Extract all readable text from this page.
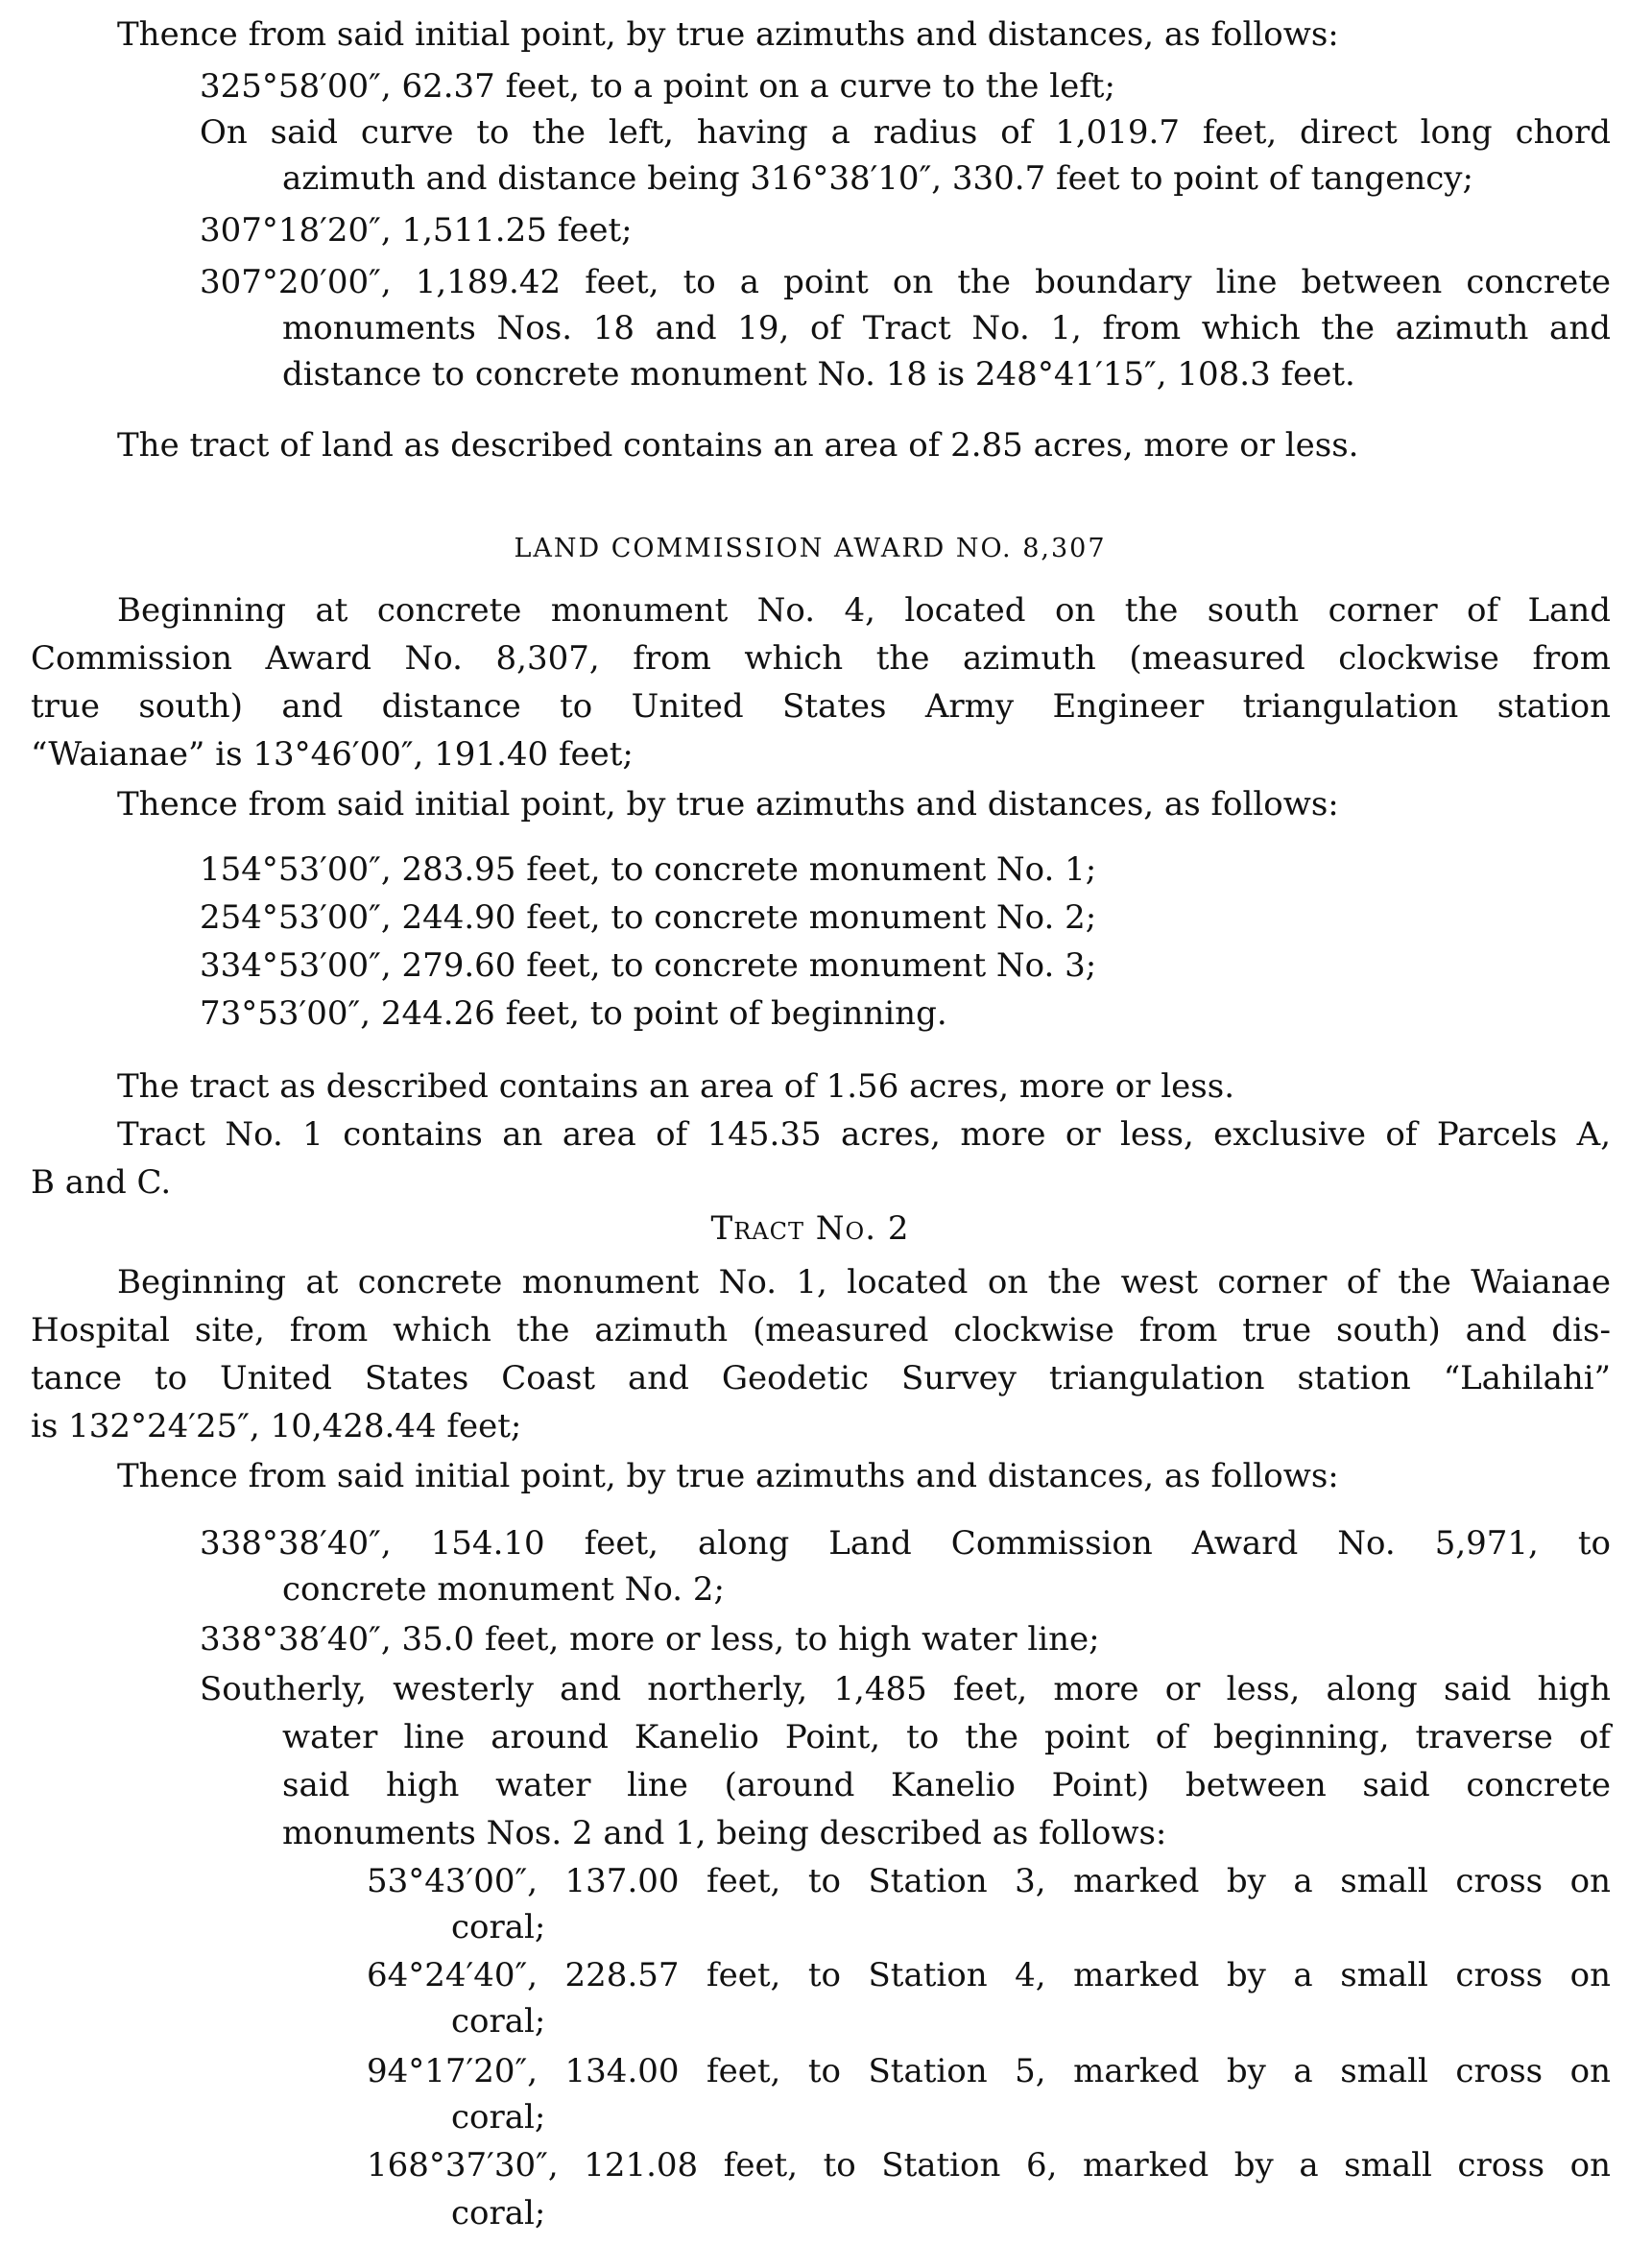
Thence from said initial point, by true azimuths and distances, as follows:
325°58′00″, 62.37 feet, to a point on a curve to the left;
On said curve to the left, having a radius of 1,019.7 feet, direct long chord
azimuth and distance being 316°38′10″, 330.7 feet to point of tangency;
307°18′20″, 1,511.25 feet;
307°20′00″, 1,189.42 feet, to a point on the boundary line between concrete
monuments Nos. 18 and 19, of Tract No. 1, from which the azimuth and
distance to concrete monument No. 18 is 248°41′15″, 108.3 feet.
The tract of land as described contains an area of 2.85 acres, more or less.
LAND COMMISSION AWARD NO. 8,307
Beginning at concrete monument No. 4, located on the south corner of Land
Commission Award No. 8,307, from which the azimuth (measured clockwise from
true south) and distance to United States Army Engineer triangulation station
“Waianae” is 13°46′00″, 191.40 feet;
Thence from said initial point, by true azimuths and distances, as follows:
154°53′00″, 283.95 feet, to concrete monument No. 1;
254°53′00″, 244.90 feet, to concrete monument No. 2;
334°53′00″, 279.60 feet, to concrete monument No. 3;
73°53′00″, 244.26 feet, to point of beginning.
The tract as described contains an area of 1.56 acres, more or less.
Tract No. 1 contains an area of 145.35 acres, more or less, exclusive of Parcels A,
B and C.
Tract No. 2
Beginning at concrete monument No. 1, located on the west corner of the Waianae
Hospital site, from which the azimuth (measured clockwise from true south) and dis-
tance to United States Coast and Geodetic Survey triangulation station “Lahilahi”
is 132°24′25″, 10,428.44 feet;
Thence from said initial point, by true azimuths and distances, as follows:
338°38′40″, 154.10 feet, along Land Commission Award No. 5,971, to
concrete monument No. 2;
338°38′40″, 35.0 feet, more or less, to high water line;
Southerly, westerly and northerly, 1,485 feet, more or less, along said high
water line around Kanelio Point, to the point of beginning, traverse of
said high water line (around Kanelio Point) between said concrete
monuments Nos. 2 and 1, being described as follows:
53°43′00″, 137.00 feet, to Station 3, marked by a small cross on
coral;
64°24′40″, 228.57 feet, to Station 4, marked by a small cross on
coral;
94°17′20″, 134.00 feet, to Station 5, marked by a small cross on
coral;
168°37′30″, 121.08 feet, to Station 6, marked by a small cross on
coral;
